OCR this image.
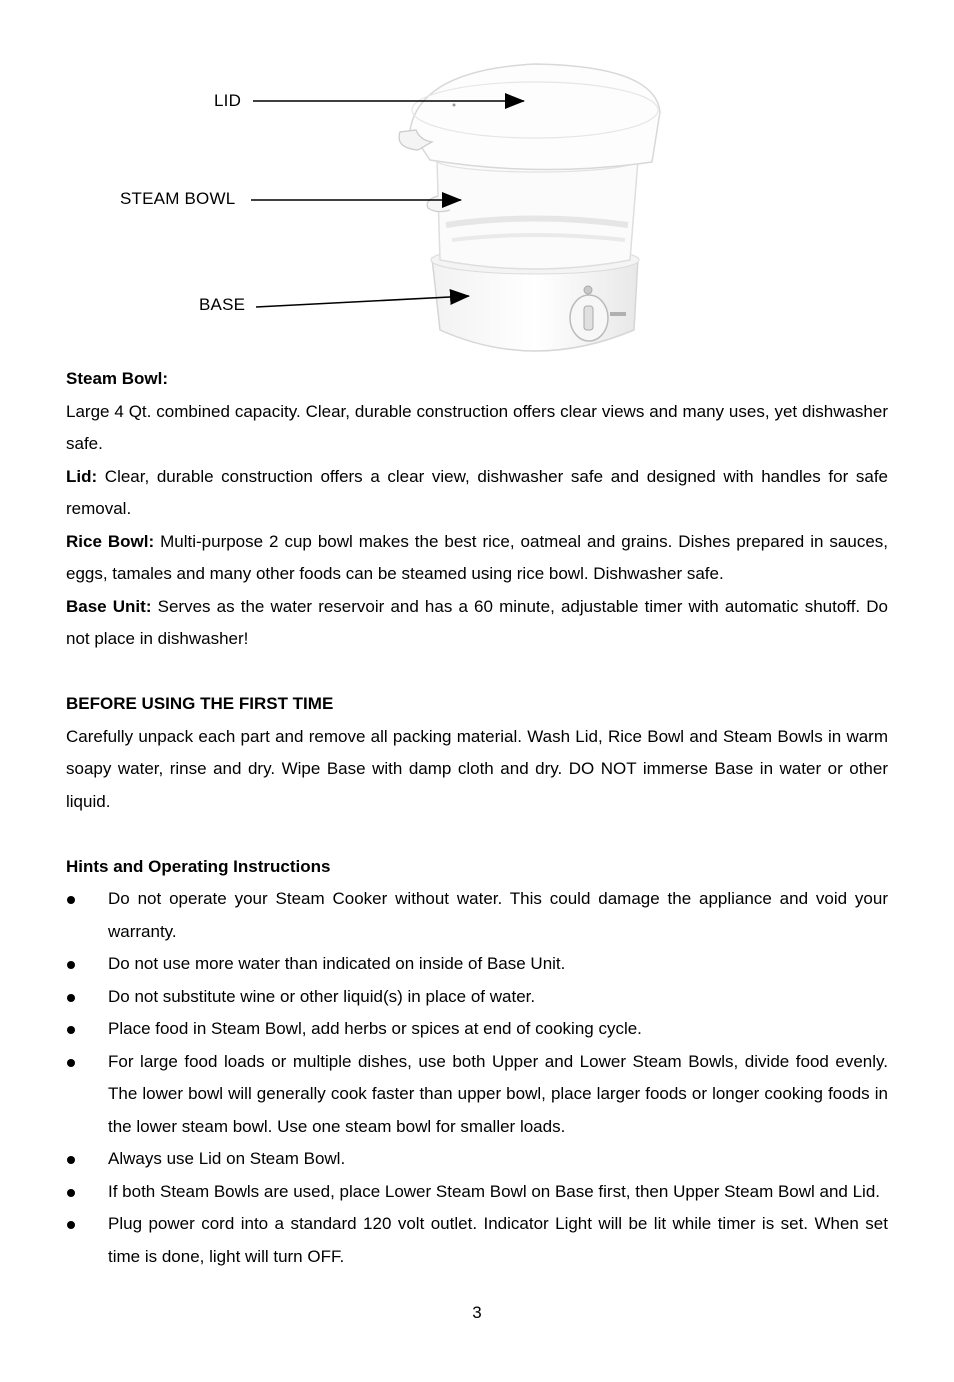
LID
STEAM BOWL
BASE

Steam Bowl:

Large 4 Qt. combined capacity. Clear, durable construction offers clear views and many uses, yet dishwasher safe.

Lid: Clear, durable construction offers a clear view, dishwasher safe and designed with handles for safe removal.

Rice Bowl: Multi-purpose 2 cup bowl makes the best rice, oatmeal and grains. Dishes prepared in sauces, eggs, tamales and many other foods can be steamed using rice bowl. Dishwasher safe.

Base Unit: Serves as the water reservoir and has a 60 minute, adjustable timer with automatic shutoff. Do not place in dishwasher!

BEFORE USING THE FIRST TIME

Carefully unpack each part and remove all packing material. Wash Lid, Rice Bowl and Steam Bowls in warm soapy water, rinse and dry. Wipe Base with damp cloth and dry. DO NOT immerse Base in water or other liquid.

Hints and Operating Instructions

Do not operate your Steam Cooker without water. This could damage the appliance and void your warranty.
Do not use more water than indicated on inside of Base Unit.
Do not substitute wine or other liquid(s) in place of water.
Place food in Steam Bowl, add herbs or spices at end of cooking cycle.
For large food loads or multiple dishes, use both Upper and Lower Steam Bowls, divide food evenly. The lower bowl will generally cook faster than upper bowl, place larger foods or longer cooking foods in the lower steam bowl. Use one steam bowl for smaller loads.
Always use Lid on Steam Bowl.
If both Steam Bowls are used, place Lower Steam Bowl on Base first, then Upper Steam Bowl and Lid.
Plug power cord into a standard 120 volt outlet. Indicator Light will be lit while timer is set. When set time is done, light will turn OFF.
3
